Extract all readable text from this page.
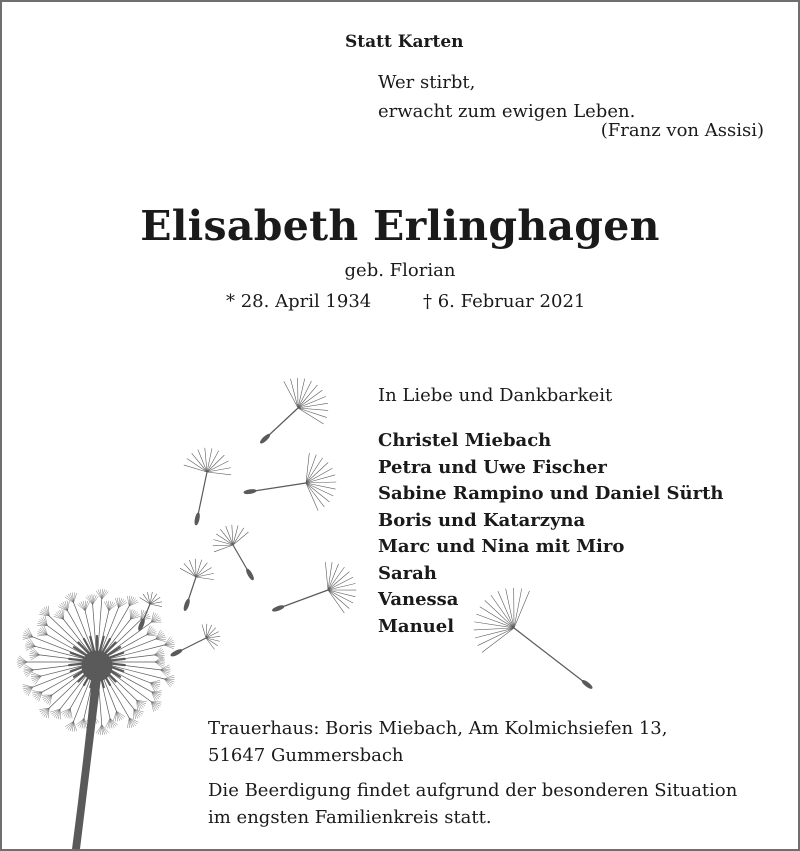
Statt Karten
Wer stirbt,
erwacht zum ewigen Leben.
(Franz von Assisi)
Elisabeth Erlinghagen
geb. Florian
* 28. April 1934	† 6. Februar 2021
In Liebe und Dankbarkeit
Christel Miebach
Petra und Uwe Fischer
Sabine Rampino und Daniel Sürth
Boris und Katarzyna
Marc und Nina mit Miro
Sarah
Vanessa
Manuel
Trauerhaus: Boris Miebach, Am Kolmichsiefen 13,
51647 Gummersbach
Die Beerdigung findet aufgrund der besonderen Situation
im engsten Familienkreis statt.
